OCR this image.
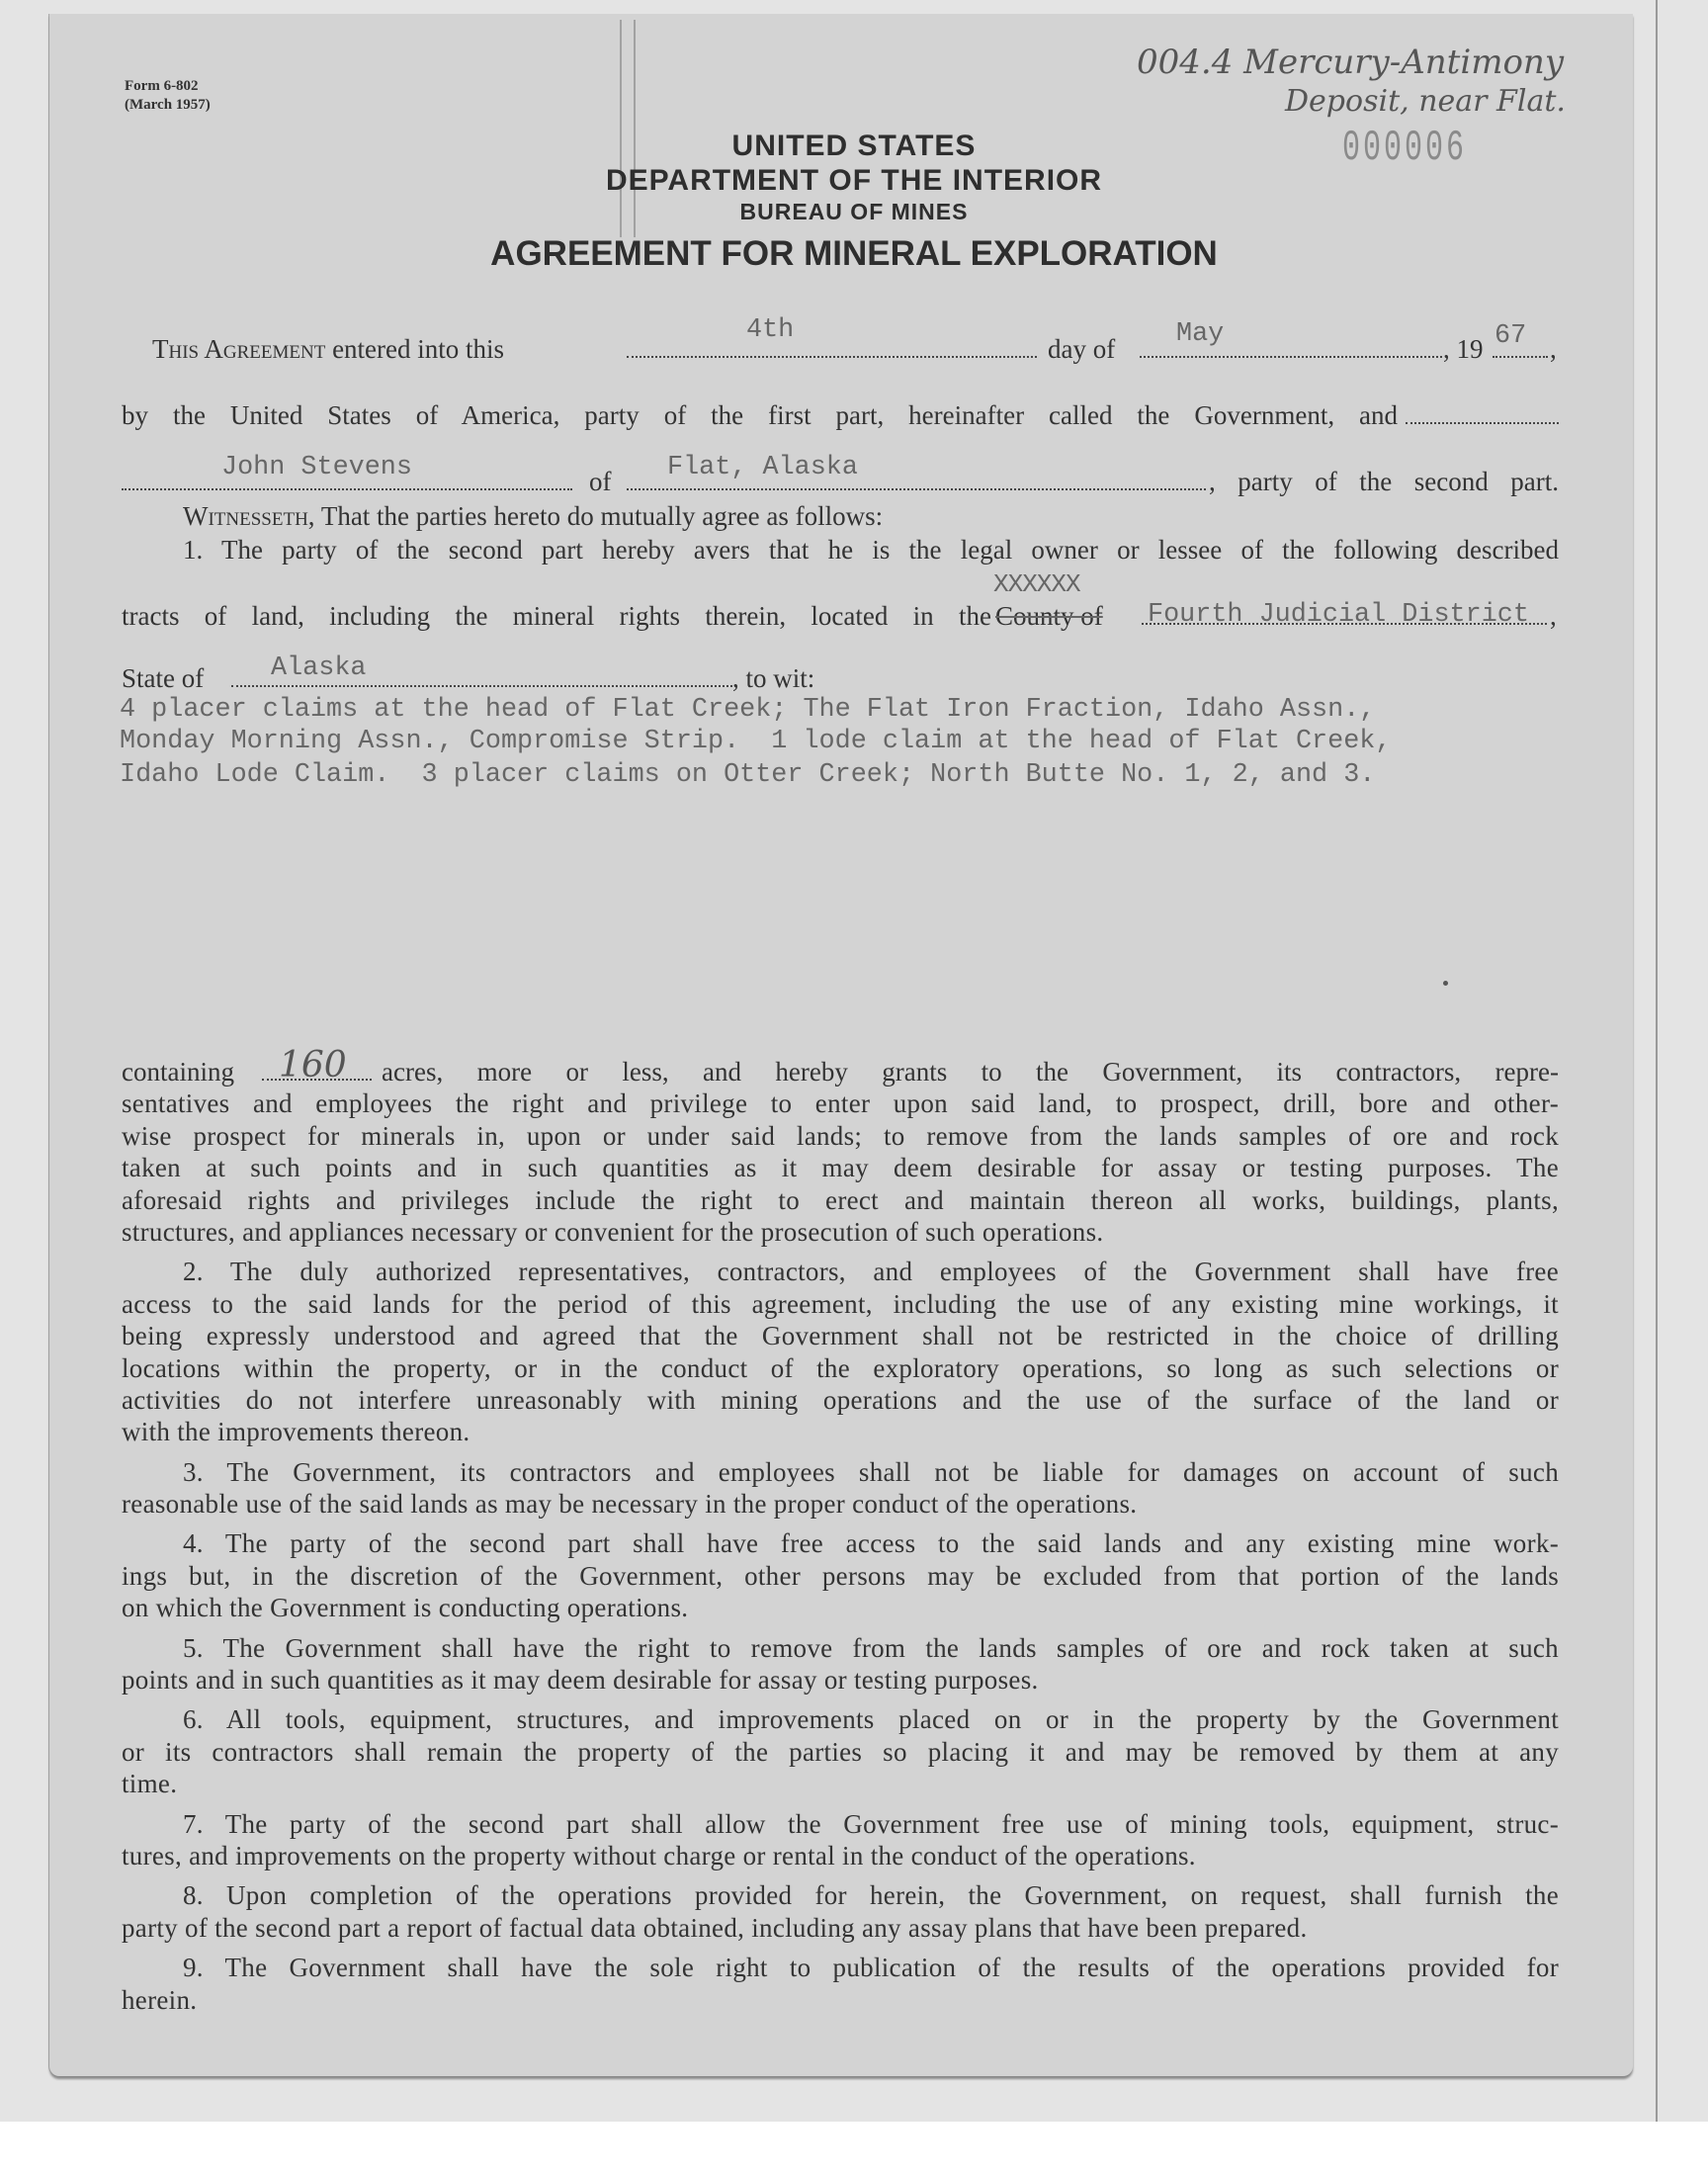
Form 6-802
(March 1957)
004.4 Mercury-Antimony
Deposit, near Flat.
000006
UNITED STATES
DEPARTMENT OF THE INTERIOR
BUREAU OF MINES
AGREEMENT FOR MINERAL EXPLORATION
This Agreement entered into this
4th
day of May	, 19 67 ,
by the United States of America, party of the first part, hereinafter called the Government, and
John Stevens	of Flat, Alaska	, party of the second part.
Witnesseth, That the parties hereto do mutually agree as follows:
1. The party of the second part hereby avers that he is the legal owner or lessee of the following described
tracts of land, including the mineral rights therein, located in the County of
XXXXXX
Fourth Judicial District ,
State of	Alaska	, to wit:
4 placer claims at the head of Flat Creek; The Flat Iron Fraction, Idaho Assn.,
Monday Morning Assn., Compromise Strip.  1 lode claim at the head of Flat Creek,
Idaho Lode Claim.  3 placer claims on Otter Creek; North Butte No. 1, 2, and 3.
containing 160 acres, more or less, and hereby grants to the Government, its contractors, repre-
sentatives and employees the right and privilege to enter upon said land, to prospect, drill, bore and other-
wise prospect for minerals in, upon or under said lands; to remove from the lands samples of ore and rock
taken at such points and in such quantities as it may deem desirable for assay or testing purposes. The
aforesaid rights and privileges include the right to erect and maintain thereon all works, buildings, plants,
structures, and appliances necessary or convenient for the prosecution of such operations.
2. The duly authorized representatives, contractors, and employees of the Government shall have free
access to the said lands for the period of this agreement, including the use of any existing mine workings, it
being expressly understood and agreed that the Government shall not be restricted in the choice of drilling
locations within the property, or in the conduct of the exploratory operations, so long as such selections or
activities do not interfere unreasonably with mining operations and the use of the surface of the land or
with the improvements thereon.
3. The Government, its contractors and employees shall not be liable for damages on account of such
reasonable use of the said lands as may be necessary in the proper conduct of the operations.
4. The party of the second part shall have free access to the said lands and any existing mine work-
ings but, in the discretion of the Government, other persons may be excluded from that portion of the lands
on which the Government is conducting operations.
5. The Government shall have the right to remove from the lands samples of ore and rock taken at such
points and in such quantities as it may deem desirable for assay or testing purposes.
6. All tools, equipment, structures, and improvements placed on or in the property by the Government
or its contractors shall remain the property of the parties so placing it and may be removed by them at any
time.
7. The party of the second part shall allow the Government free use of mining tools, equipment, struc-
tures, and improvements on the property without charge or rental in the conduct of the operations.
8. Upon completion of the operations provided for herein, the Government, on request, shall furnish the
party of the second part a report of factual data obtained, including any assay plans that have been prepared.
9. The Government shall have the sole right to publication of the results of the operations provided for
herein.
